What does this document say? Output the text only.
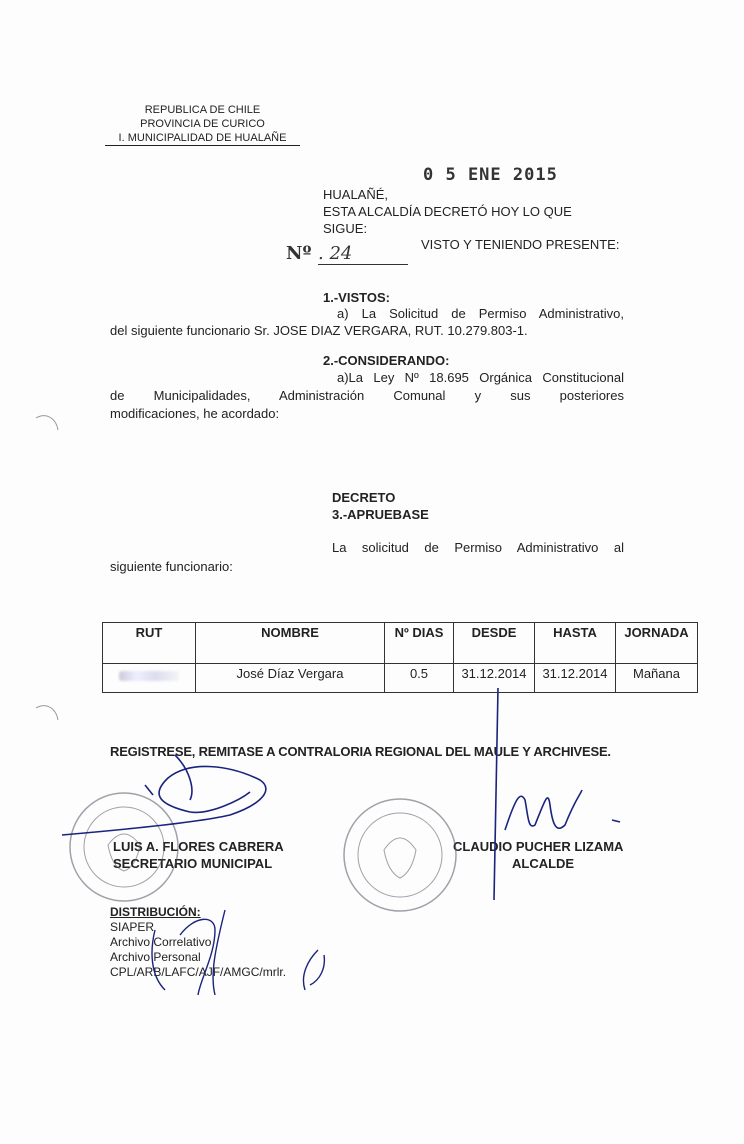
REPUBLICA DE CHILE
PROVINCIA DE CURICO
I. MUNICIPALIDAD DE HUALAÑE
0 5 ENE 2015
HUALAÑÉ,
ESTA ALCALDÍA DECRETÓ HOY LO QUE
SIGUE:
Nº . 24	VISTO Y TENIENDO PRESENTE:
1.-VISTOS:
a) La Solicitud de Permiso Administrativo,
del siguiente funcionario Sr. JOSE DIAZ VERGARA, RUT. 10.279.803-1.
2.-CONSIDERANDO:
a)La Ley Nº 18.695 Orgánica Constitucional
de Municipalidades, Administración Comunal y sus posteriores
modificaciones, he acordado:
DECRETO
3.-APRUEBASE
La solicitud de Permiso Administrativo al
siguiente funcionario:
RUT	NOMBRE	Nº DIAS	DESDE	HASTA	JORNADA
	José Díaz Vergara	0.5	31.12.2014	31.12.2014	Mañana
REGISTRESE, REMITASE A CONTRALORIA REGIONAL DEL MAULE Y ARCHIVESE.
LUIS A. FLORES CABRERA
SECRETARIO MUNICIPAL
CLAUDIO PUCHER LIZAMA
ALCALDE
DISTRIBUCIÓN:
SIAPER
Archivo Correlativo
Archivo Personal
CPL/ARB/LAFC/AJF/AMGC/mrlr.
